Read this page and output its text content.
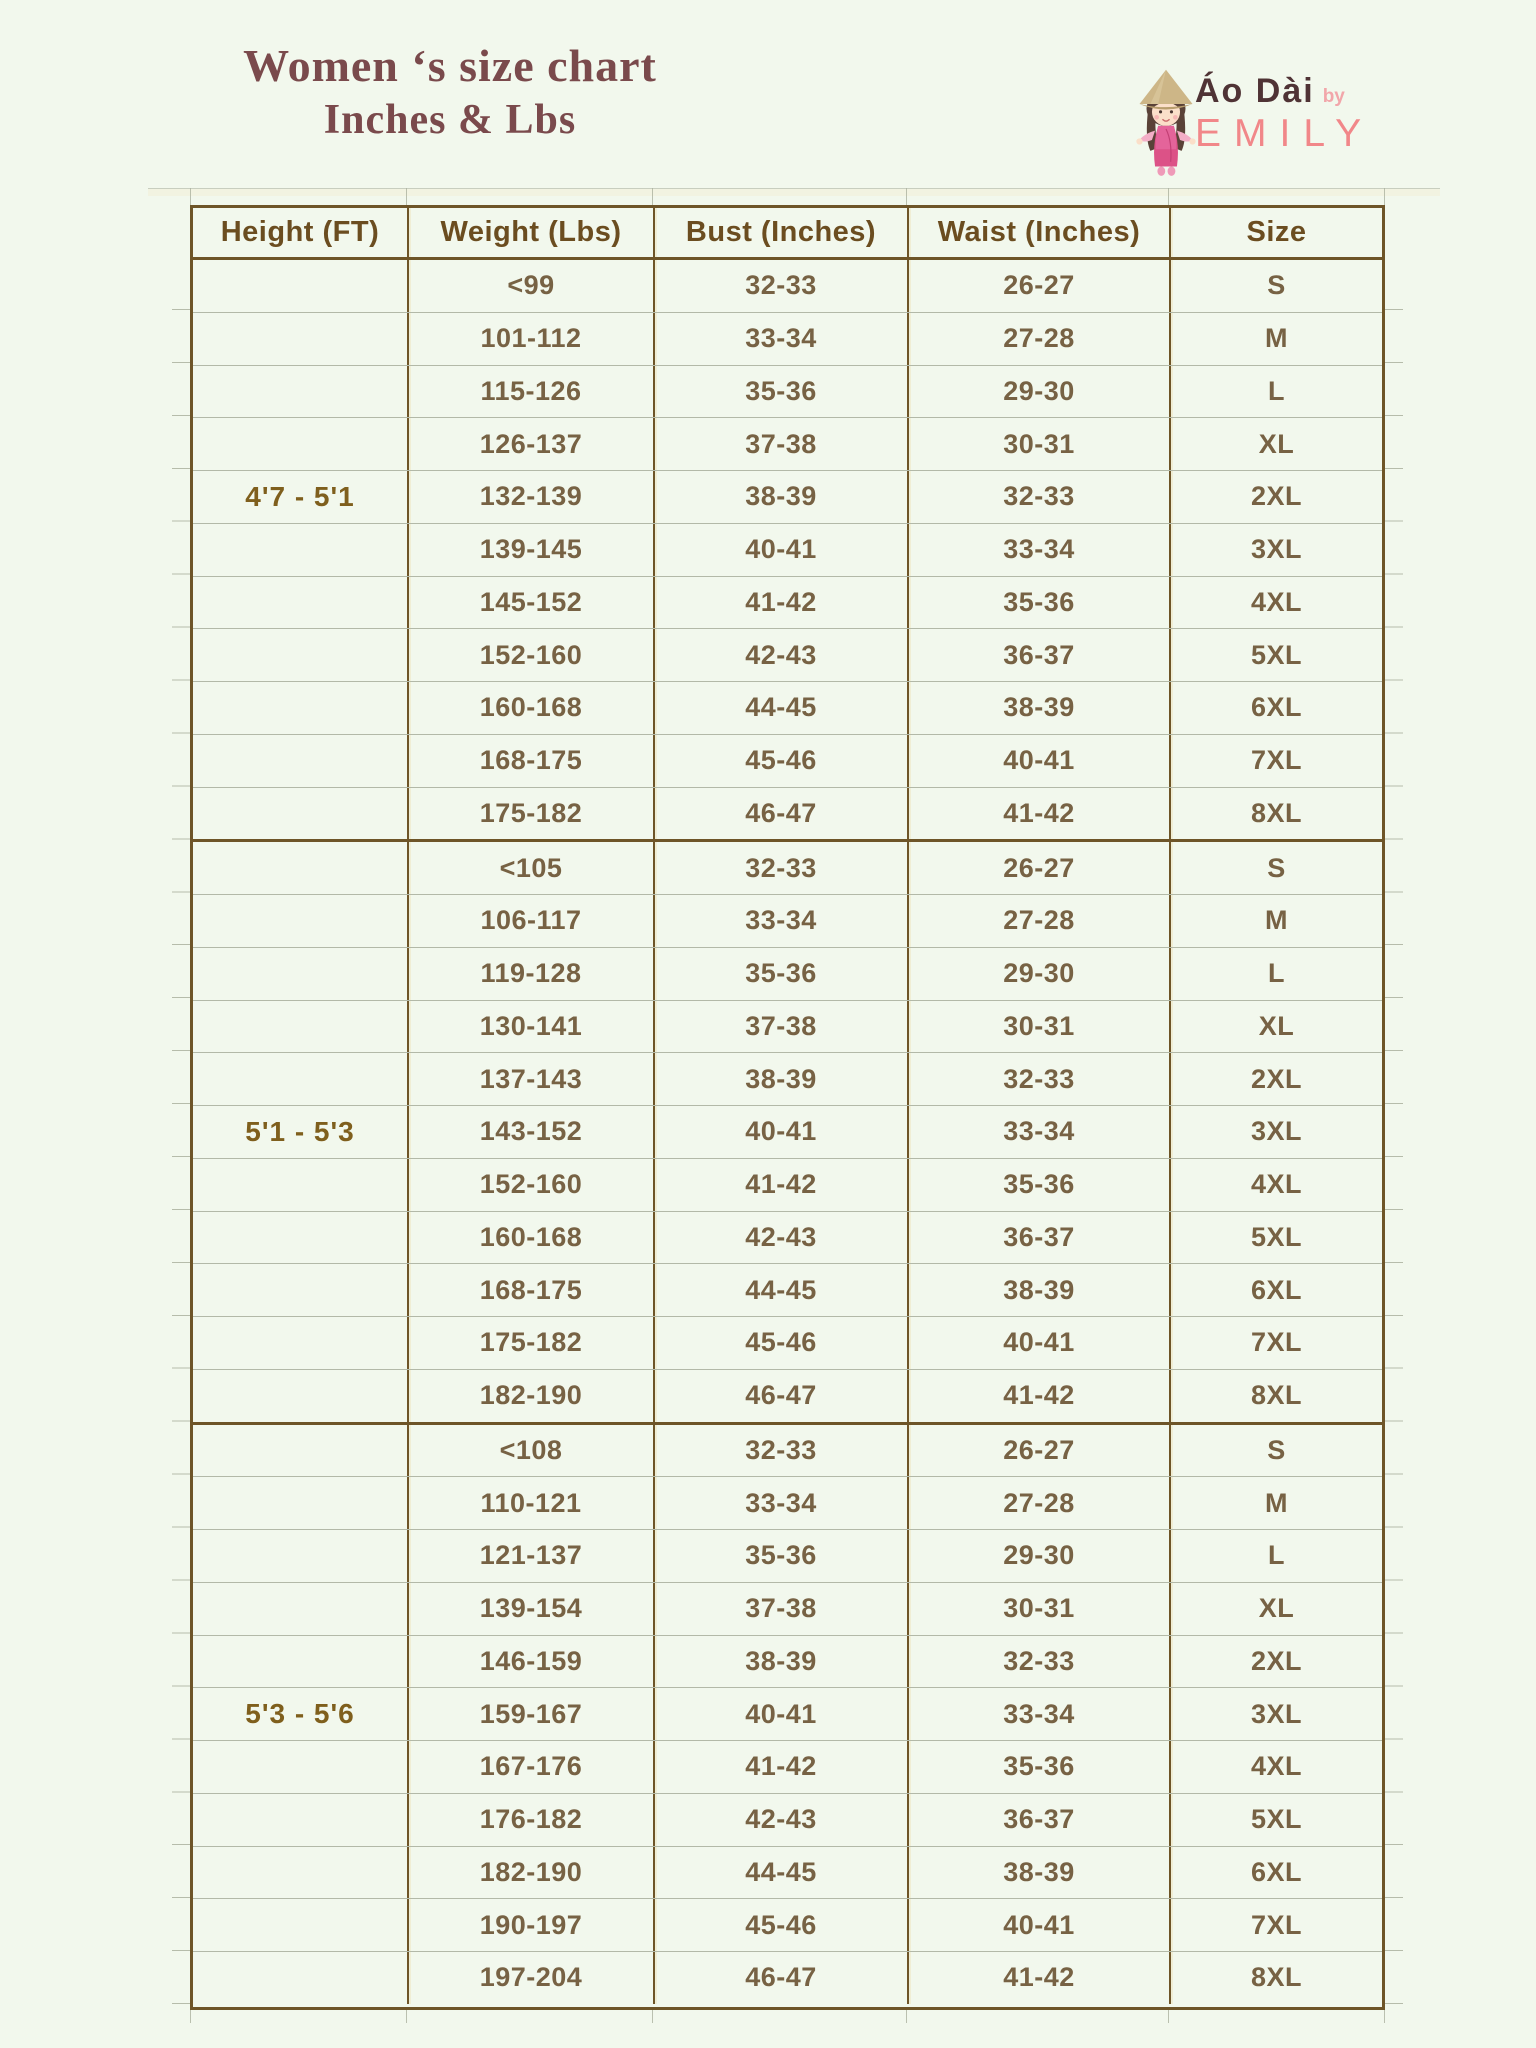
Women ‘s size chart
Inches & Lbs
Áo Dài by
EMILY
Height (FT)	Weight (Lbs)	Bust (Inches)	Waist (Inches)	Size
<99	32-33	26-27	S
101-112	33-34	27-28	M
115-126	35-36	29-30	L
126-137	37-38	30-31	XL
4'7 - 5'1	132-139	38-39	32-33	2XL
139-145	40-41	33-34	3XL
145-152	41-42	35-36	4XL
152-160	42-43	36-37	5XL
160-168	44-45	38-39	6XL
168-175	45-46	40-41	7XL
175-182	46-47	41-42	8XL
<105	32-33	26-27	S
106-117	33-34	27-28	M
119-128	35-36	29-30	L
130-141	37-38	30-31	XL
137-143	38-39	32-33	2XL
5'1 - 5'3	143-152	40-41	33-34	3XL
152-160	41-42	35-36	4XL
160-168	42-43	36-37	5XL
168-175	44-45	38-39	6XL
175-182	45-46	40-41	7XL
182-190	46-47	41-42	8XL
<108	32-33	26-27	S
110-121	33-34	27-28	M
121-137	35-36	29-30	L
139-154	37-38	30-31	XL
146-159	38-39	32-33	2XL
5'3 - 5'6	159-167	40-41	33-34	3XL
167-176	41-42	35-36	4XL
176-182	42-43	36-37	5XL
182-190	44-45	38-39	6XL
190-197	45-46	40-41	7XL
197-204	46-47	41-42	8XL
